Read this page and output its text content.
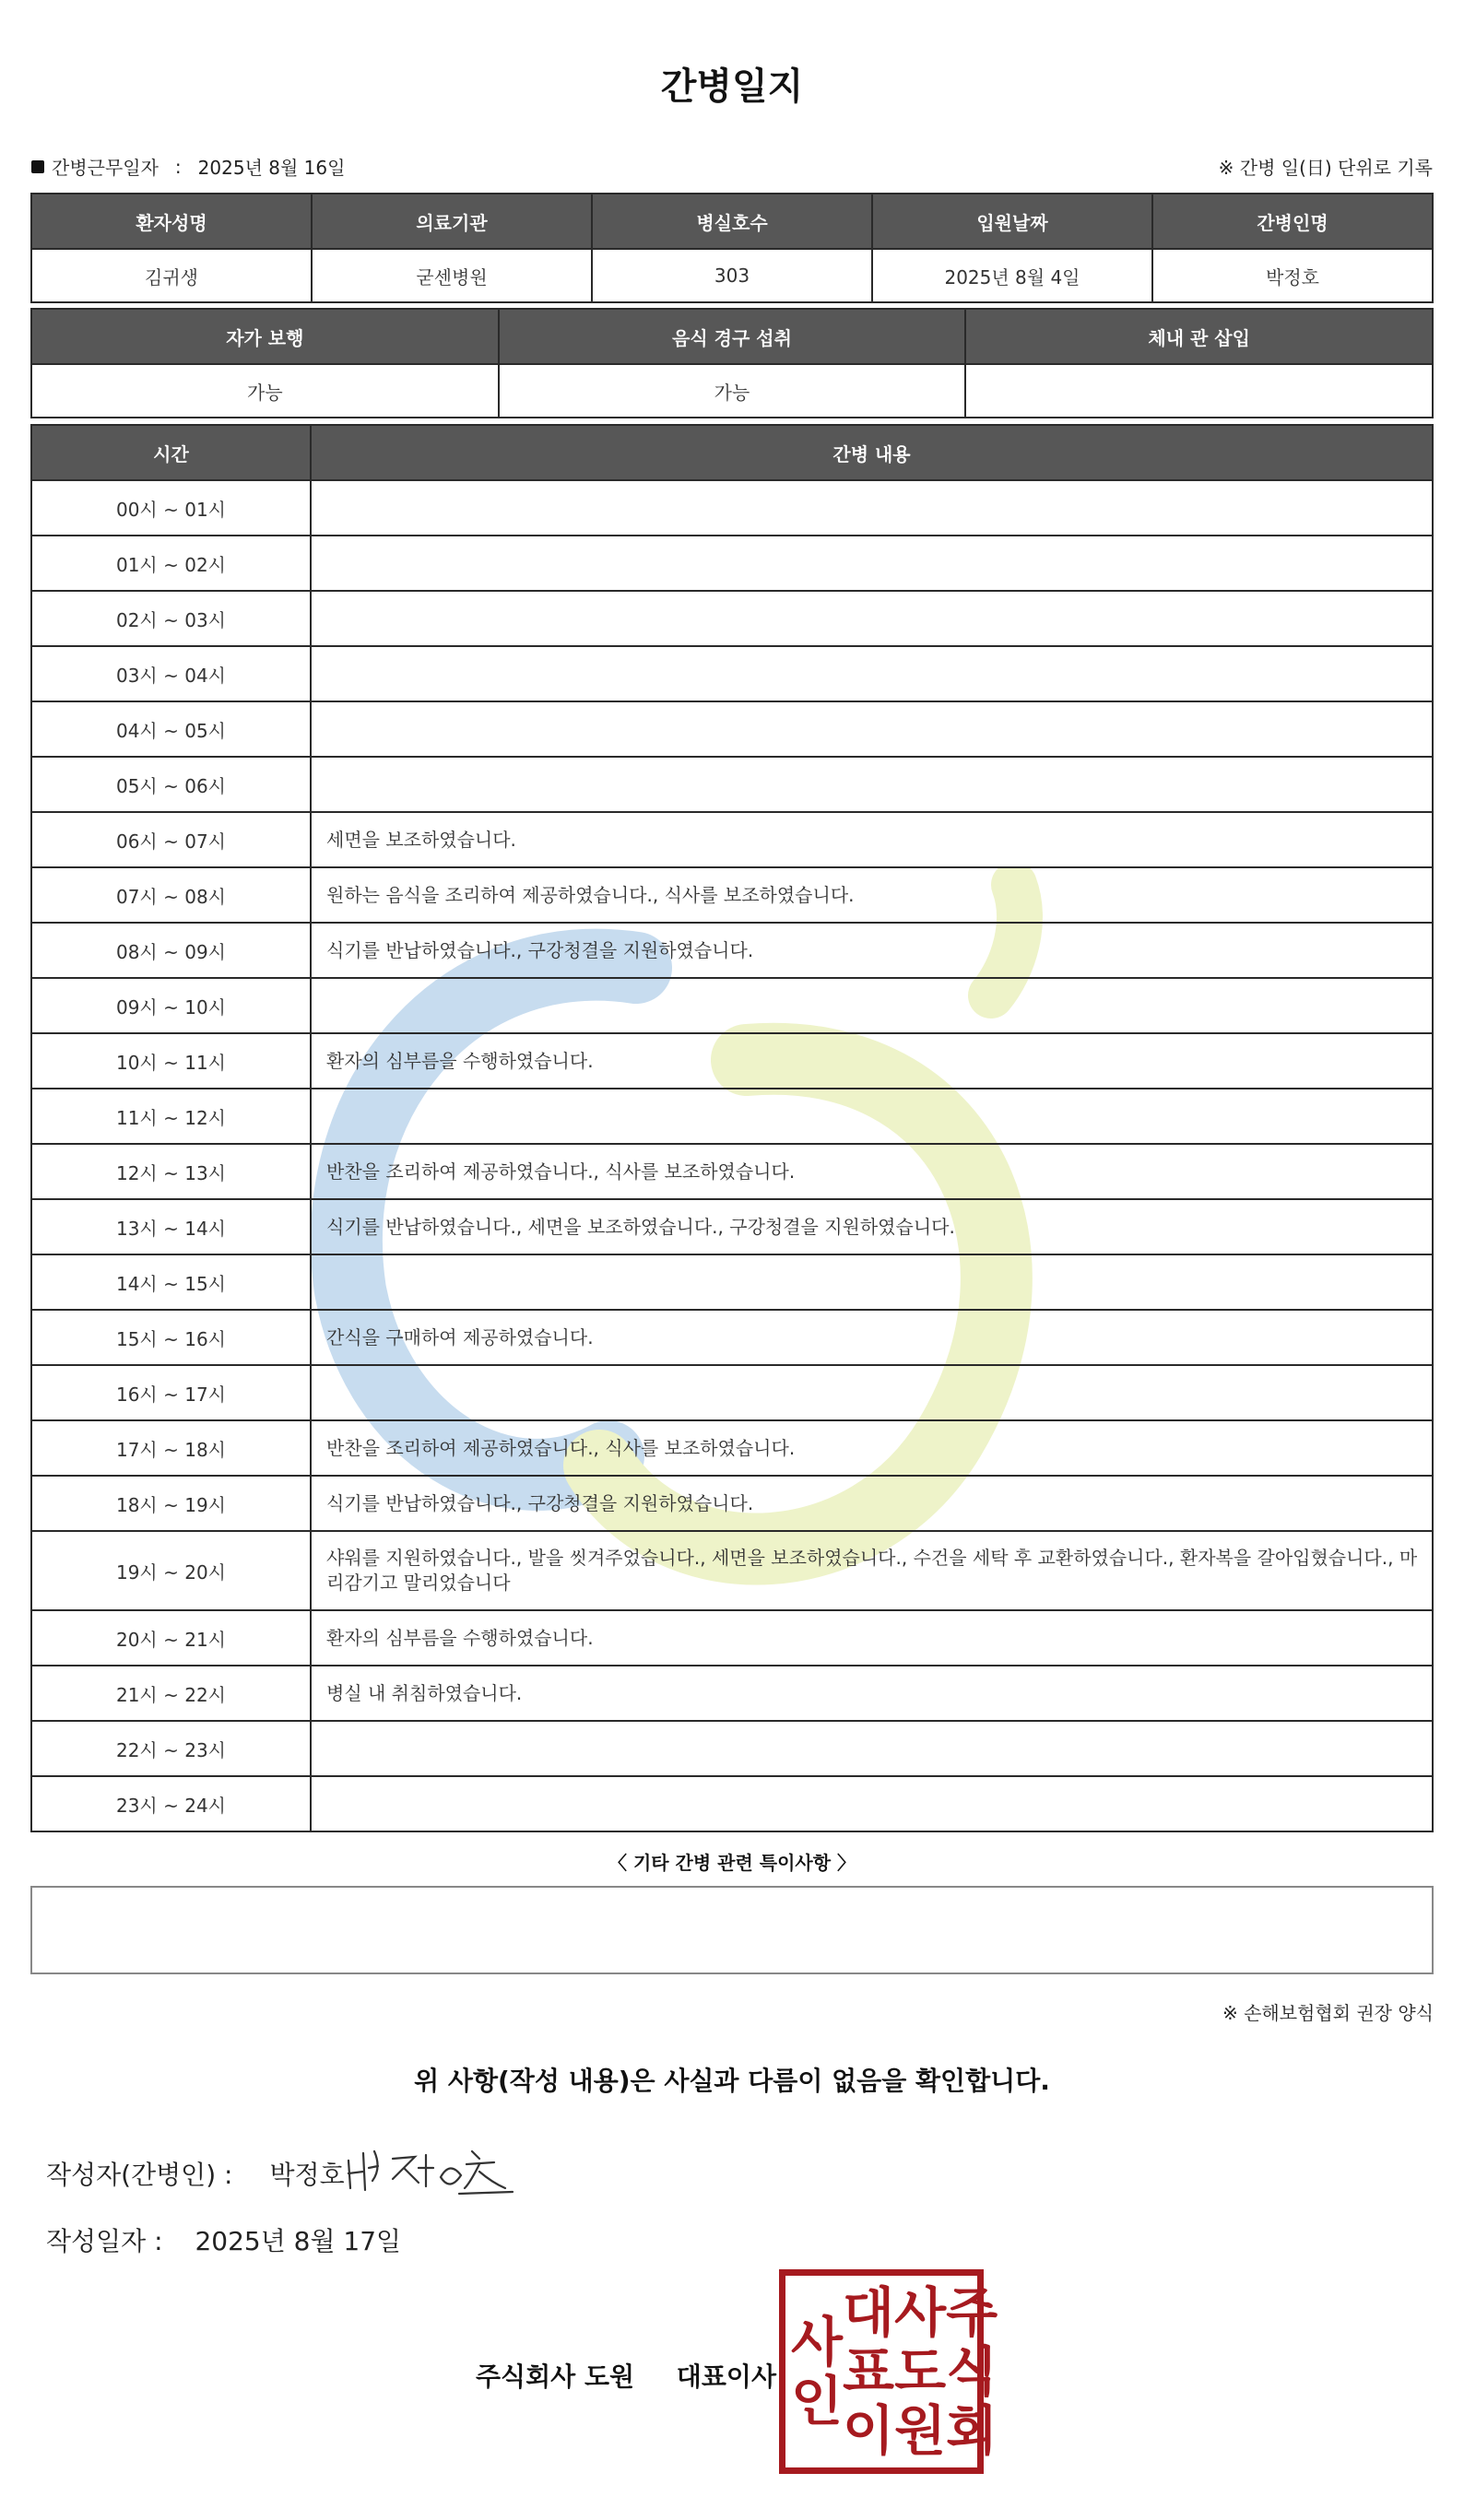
간병일지
간병근무일자 : 2025년 8월 16일	※ 간병 일(日) 단위로 기록
환자성명	의료기관	병실호수	입원날짜	간병인명
김귀생	굳센병원	303	2025년 8월 4일	박정호
자가 보행	음식 경구 섭취	체내 관 삽입
가능	가능	
시간	간병 내용
00시 ~ 01시	
01시 ~ 02시	
02시 ~ 03시	
03시 ~ 04시	
04시 ~ 05시	
05시 ~ 06시	
06시 ~ 07시	세면을 보조하였습니다.
07시 ~ 08시	원하는 음식을 조리하여 제공하였습니다., 식사를 보조하였습니다.
08시 ~ 09시	식기를 반납하였습니다., 구강청결을 지원하였습니다.
09시 ~ 10시	
10시 ~ 11시	환자의 심부름을 수행하였습니다.
11시 ~ 12시	
12시 ~ 13시	반찬을 조리하여 제공하였습니다., 식사를 보조하였습니다.
13시 ~ 14시	식기를 반납하였습니다., 세면을 보조하였습니다., 구강청결을 지원하였습니다.
14시 ~ 15시	
15시 ~ 16시	간식을 구매하여 제공하였습니다.
16시 ~ 17시	
17시 ~ 18시	반찬을 조리하여 제공하였습니다., 식사를 보조하였습니다.
18시 ~ 19시	식기를 반납하였습니다., 구강청결을 지원하였습니다.
19시 ~ 20시	샤워를 지원하였습니다., 발을 씻겨주었습니다., 세면을 보조하였습니다., 수건을 세탁 후 교환하였습니다., 환자복을 갈아입혔습니다., 마리감기고 말리었습니다
20시 ~ 21시	환자의 심부름을 수행하였습니다.
21시 ~ 22시	병실 내 취침하였습니다.
22시 ~ 23시	
23시 ~ 24시	
〈 기타 간병 관련 특이사항 〉
※ 손해보험협회 권장 양식
위 사항(작성 내용)은 사실과 다름이 없음을 확인합니다.
작성자(간병인) : 박정호
작성일자 : 2025년 8월 17일
주식회사 도원 대표이사
주
식
회
사
도
원
대
표
이
사
인
